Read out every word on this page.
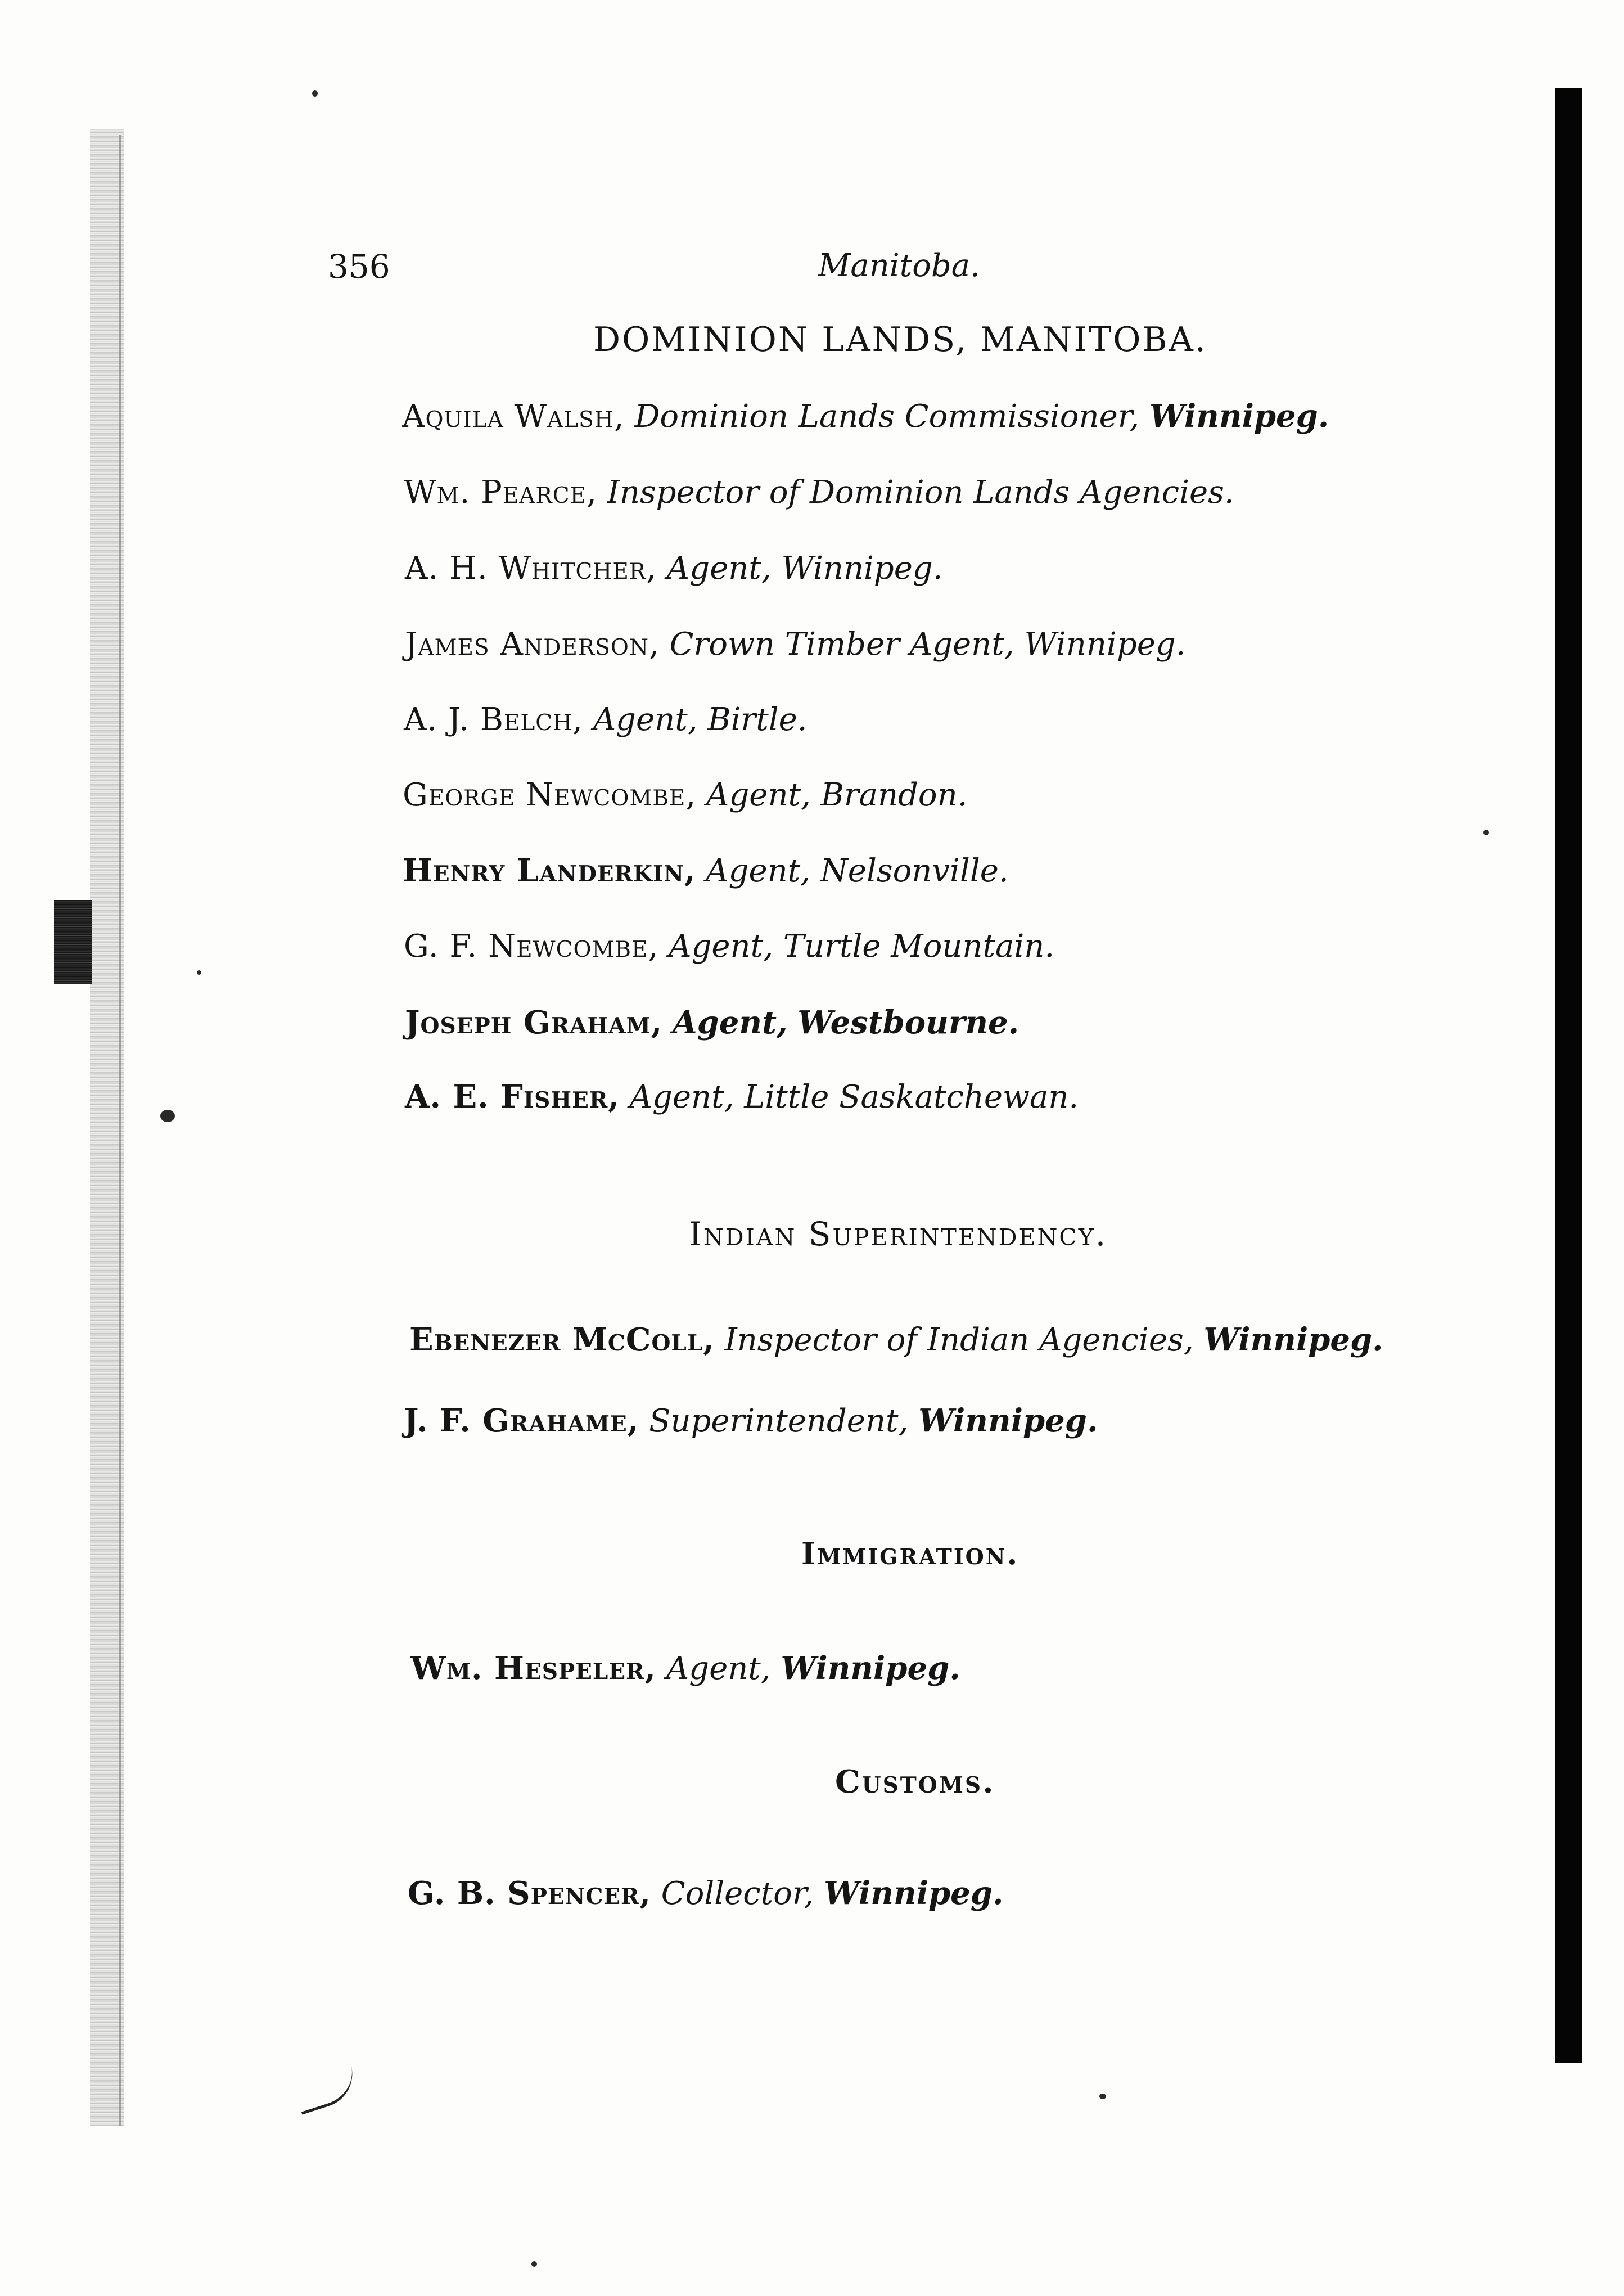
356	Manitoba.
DOMINION LANDS, MANITOBA.
Aquila Walsh, Dominion Lands Commissioner, Winnipeg.
Wm. Pearce, Inspector of Dominion Lands Agencies.
A. H. Whitcher, Agent, Winnipeg.
James Anderson, Crown Timber Agent, Winnipeg.
A. J. Belch, Agent, Birtle.
George Newcombe, Agent, Brandon.
Henry Landerkin, Agent, Nelsonville.
G. F. Newcombe, Agent, Turtle Mountain.
Joseph Graham, Agent, Westbourne.
A. E. Fisher, Agent, Little Saskatchewan.
Indian Superintendency.
Ebenezer McColl, Inspector of Indian Agencies, Winnipeg.
J. F. Grahame, Superintendent, Winnipeg.
Immigration.
Wm. Hespeler, Agent, Winnipeg.
Customs.
G. B. Spencer, Collector, Winnipeg.
